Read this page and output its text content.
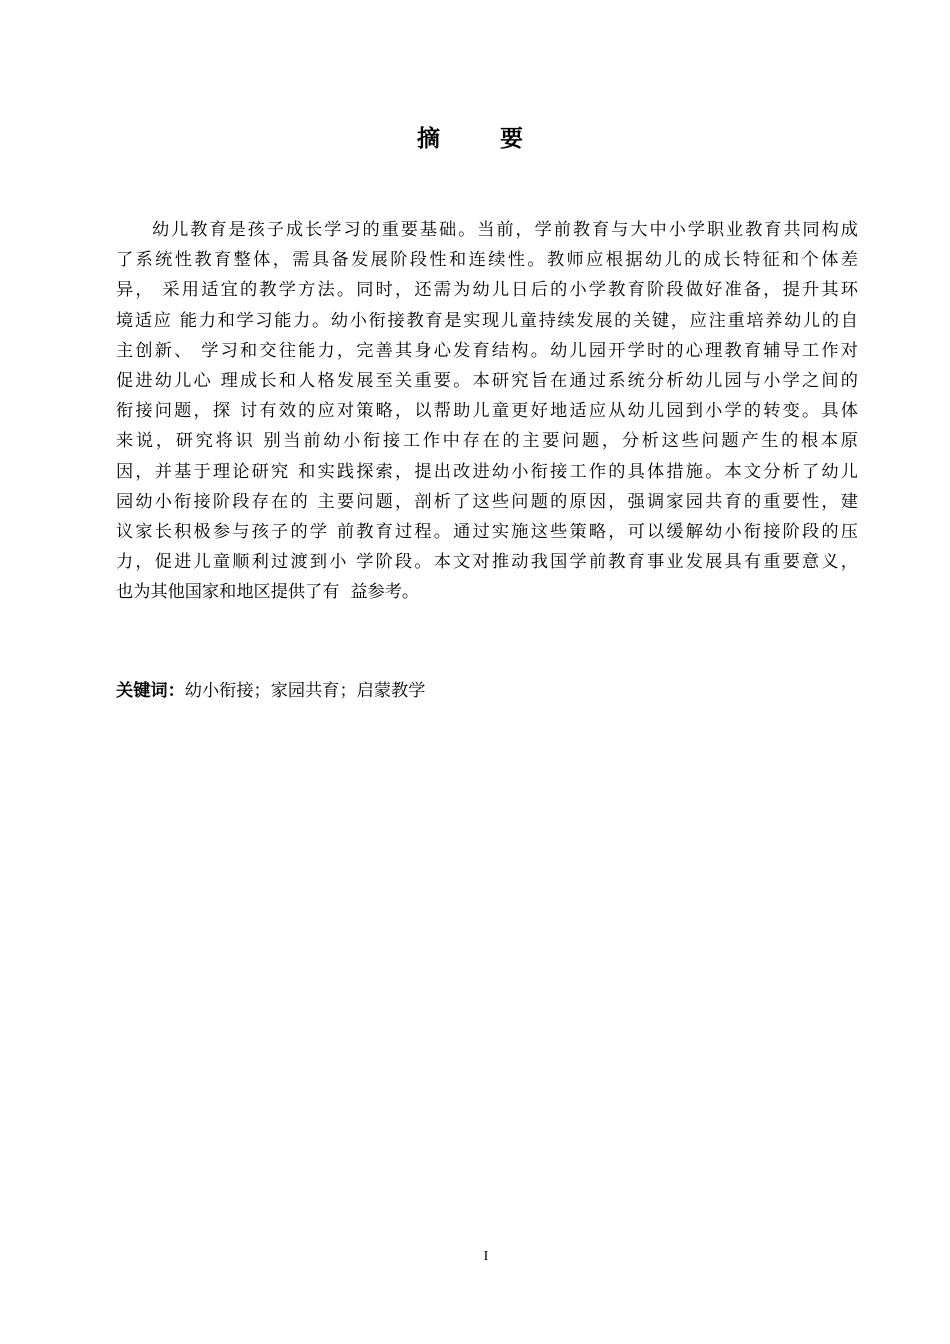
摘 要
幼儿教育是孩子成长学习的重要基础。当前，学前教育与大中小学职业教育共同构成
了系统性教育整体，需具备发展阶段性和连续性。教师应根据幼儿的成长特征和个体差
异， 采用适宜的教学方法。同时，还需为幼儿日后的小学教育阶段做好准备，提升其环
境适应 能力和学习能力。幼小衔接教育是实现儿童持续发展的关键，应注重培养幼儿的自
主创新、 学习和交往能力，完善其身心发育结构。幼儿园开学时的心理教育辅导工作对
促进幼儿心 理成长和人格发展至关重要。本研究旨在通过系统分析幼儿园与小学之间的
衔接问题，探 讨有效的应对策略，以帮助儿童更好地适应从幼儿园到小学的转变。具体
来说，研究将识 别当前幼小衔接工作中存在的主要问题，分析这些问题产生的根本原
因，并基于理论研究 和实践探索，提出改进幼小衔接工作的具体措施。本文分析了幼儿
园幼小衔接阶段存在的 主要问题，剖析了这些问题的原因，强调家园共育的重要性，建
议家长积极参与孩子的学 前教育过程。通过实施这些策略，可以缓解幼小衔接阶段的压
力，促进儿童顺利过渡到小 学阶段。本文对推动我国学前教育事业发展具有重要意义，
也为其他国家和地区提供了有  益参考。
关键词：幼小衔接；家园共育；启蒙教学
I
